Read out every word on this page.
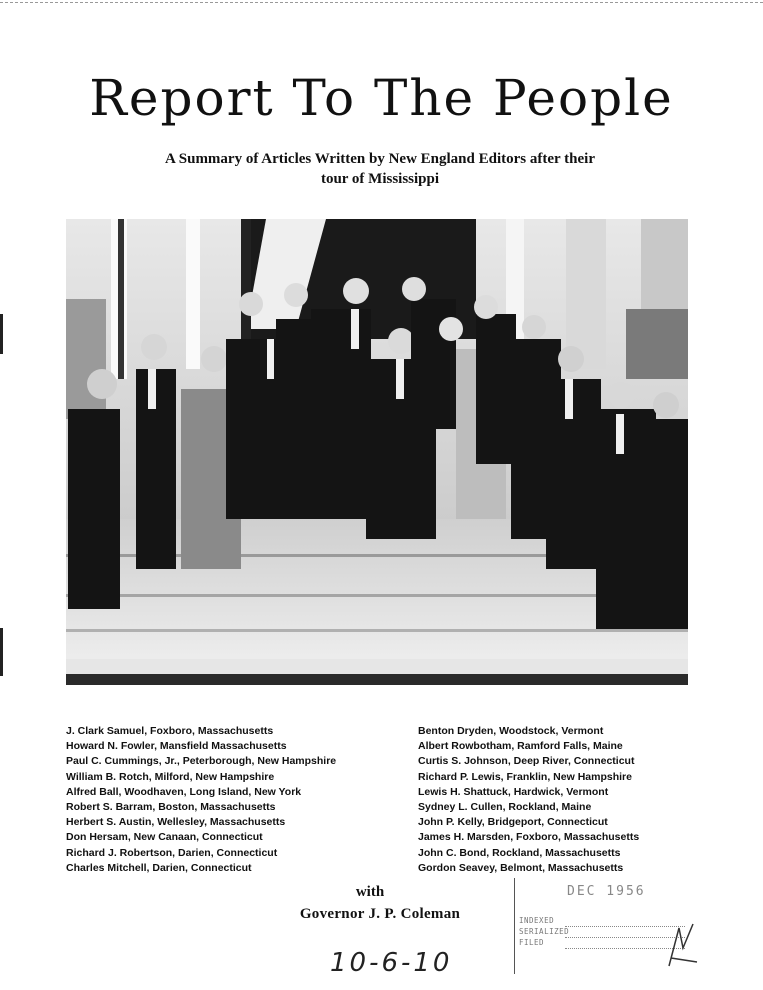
Report To The People
A Summary of Articles Written by New England Editors after their tour of Mississippi
J. Clark Samuel, Foxboro, Massachusetts
Howard N. Fowler, Mansfield Massachusetts
Paul C. Cummings, Jr., Peterborough, New Hampshire
William B. Rotch, Milford, New Hampshire
Alfred Ball, Woodhaven, Long Island, New York
Robert S. Barram, Boston, Massachusetts
Herbert S. Austin, Wellesley, Massachusetts
Don Hersam, New Canaan, Connecticut
Richard J. Robertson, Darien, Connecticut
Charles Mitchell, Darien, Connecticut
Benton Dryden, Woodstock, Vermont
Albert Rowbotham, Ramford Falls, Maine
Curtis S. Johnson, Deep River, Connecticut
Richard P. Lewis, Franklin, New Hampshire
Lewis H. Shattuck, Hardwick, Vermont
Sydney L. Cullen, Rockland, Maine
John P. Kelly, Bridgeport, Connecticut
James H. Marsden, Foxboro, Massachusetts
John C. Bond, Rockland, Massachusetts
Gordon Seavey, Belmont, Massachusetts
with
Governor J. P. Coleman
10-6-10
DEC 1956
INDEXED
SERIALIZED
FILED
